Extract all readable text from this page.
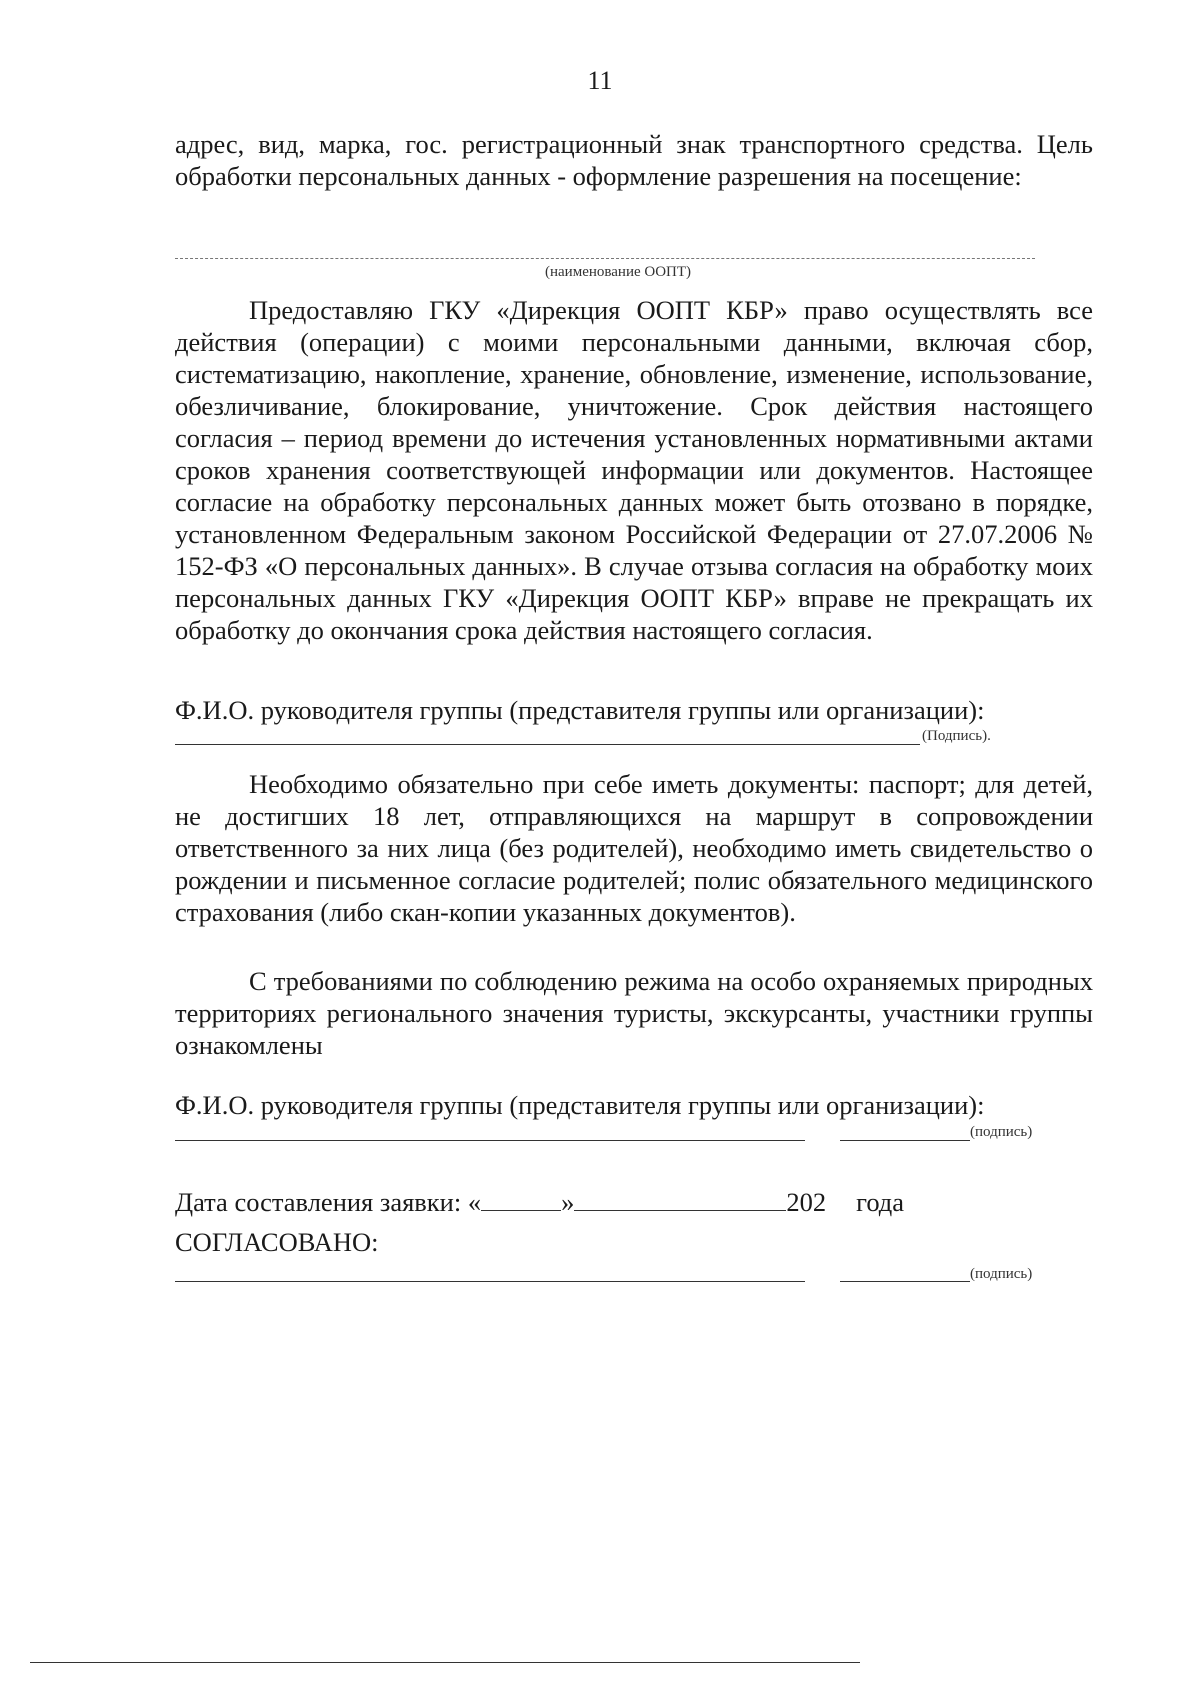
11

адрес, вид, марка, гос. регистрационный знак транспортного средства. Цель обработки персональных данных - оформление разрешения на посещение:

(наименование ООПТ)

Предоставляю ГКУ «Дирекция ООПТ КБР» право осуществлять все действия (операции) с моими персональными данными, включая сбор, систематизацию, накопление, хранение, обновление, изменение, использование, обезличивание, блокирование, уничтожение. Срок действия настоящего согласия – период времени до истечения установленных нормативными актами сроков хранения соответствующей информации или документов. Настоящее согласие на обработку персональных данных может быть отозвано в порядке, установленном Федеральным законом Российской Федерации от 27.07.2006 № 152-ФЗ «О персональных данных». В случае отзыва согласия на обработку моих персональных данных ГКУ «Дирекция ООПТ КБР» вправе не прекращать их обработку до окончания срока действия настоящего согласия.

Ф.И.О. руководителя группы (представителя группы или организации):

(Подпись).

Необходимо обязательно при себе иметь документы: паспорт; для детей, не достигших 18 лет, отправляющихся на маршрут в сопровождении ответственного за них лица (без родителей), необходимо иметь свидетельство о рождении и письменное согласие родителей; полис обязательного медицинского страхования (либо скан-копии указанных документов).

С требованиями по соблюдению режима на особо охраняемых природных территориях регионального значения туристы, экскурсанты, участники группы ознакомлены

Ф.И.О. руководителя группы (представителя группы или организации):

(подпись)
Дата составления заявки: «	»	202 года
СОГЛАСОВАНО:
(подпись)
